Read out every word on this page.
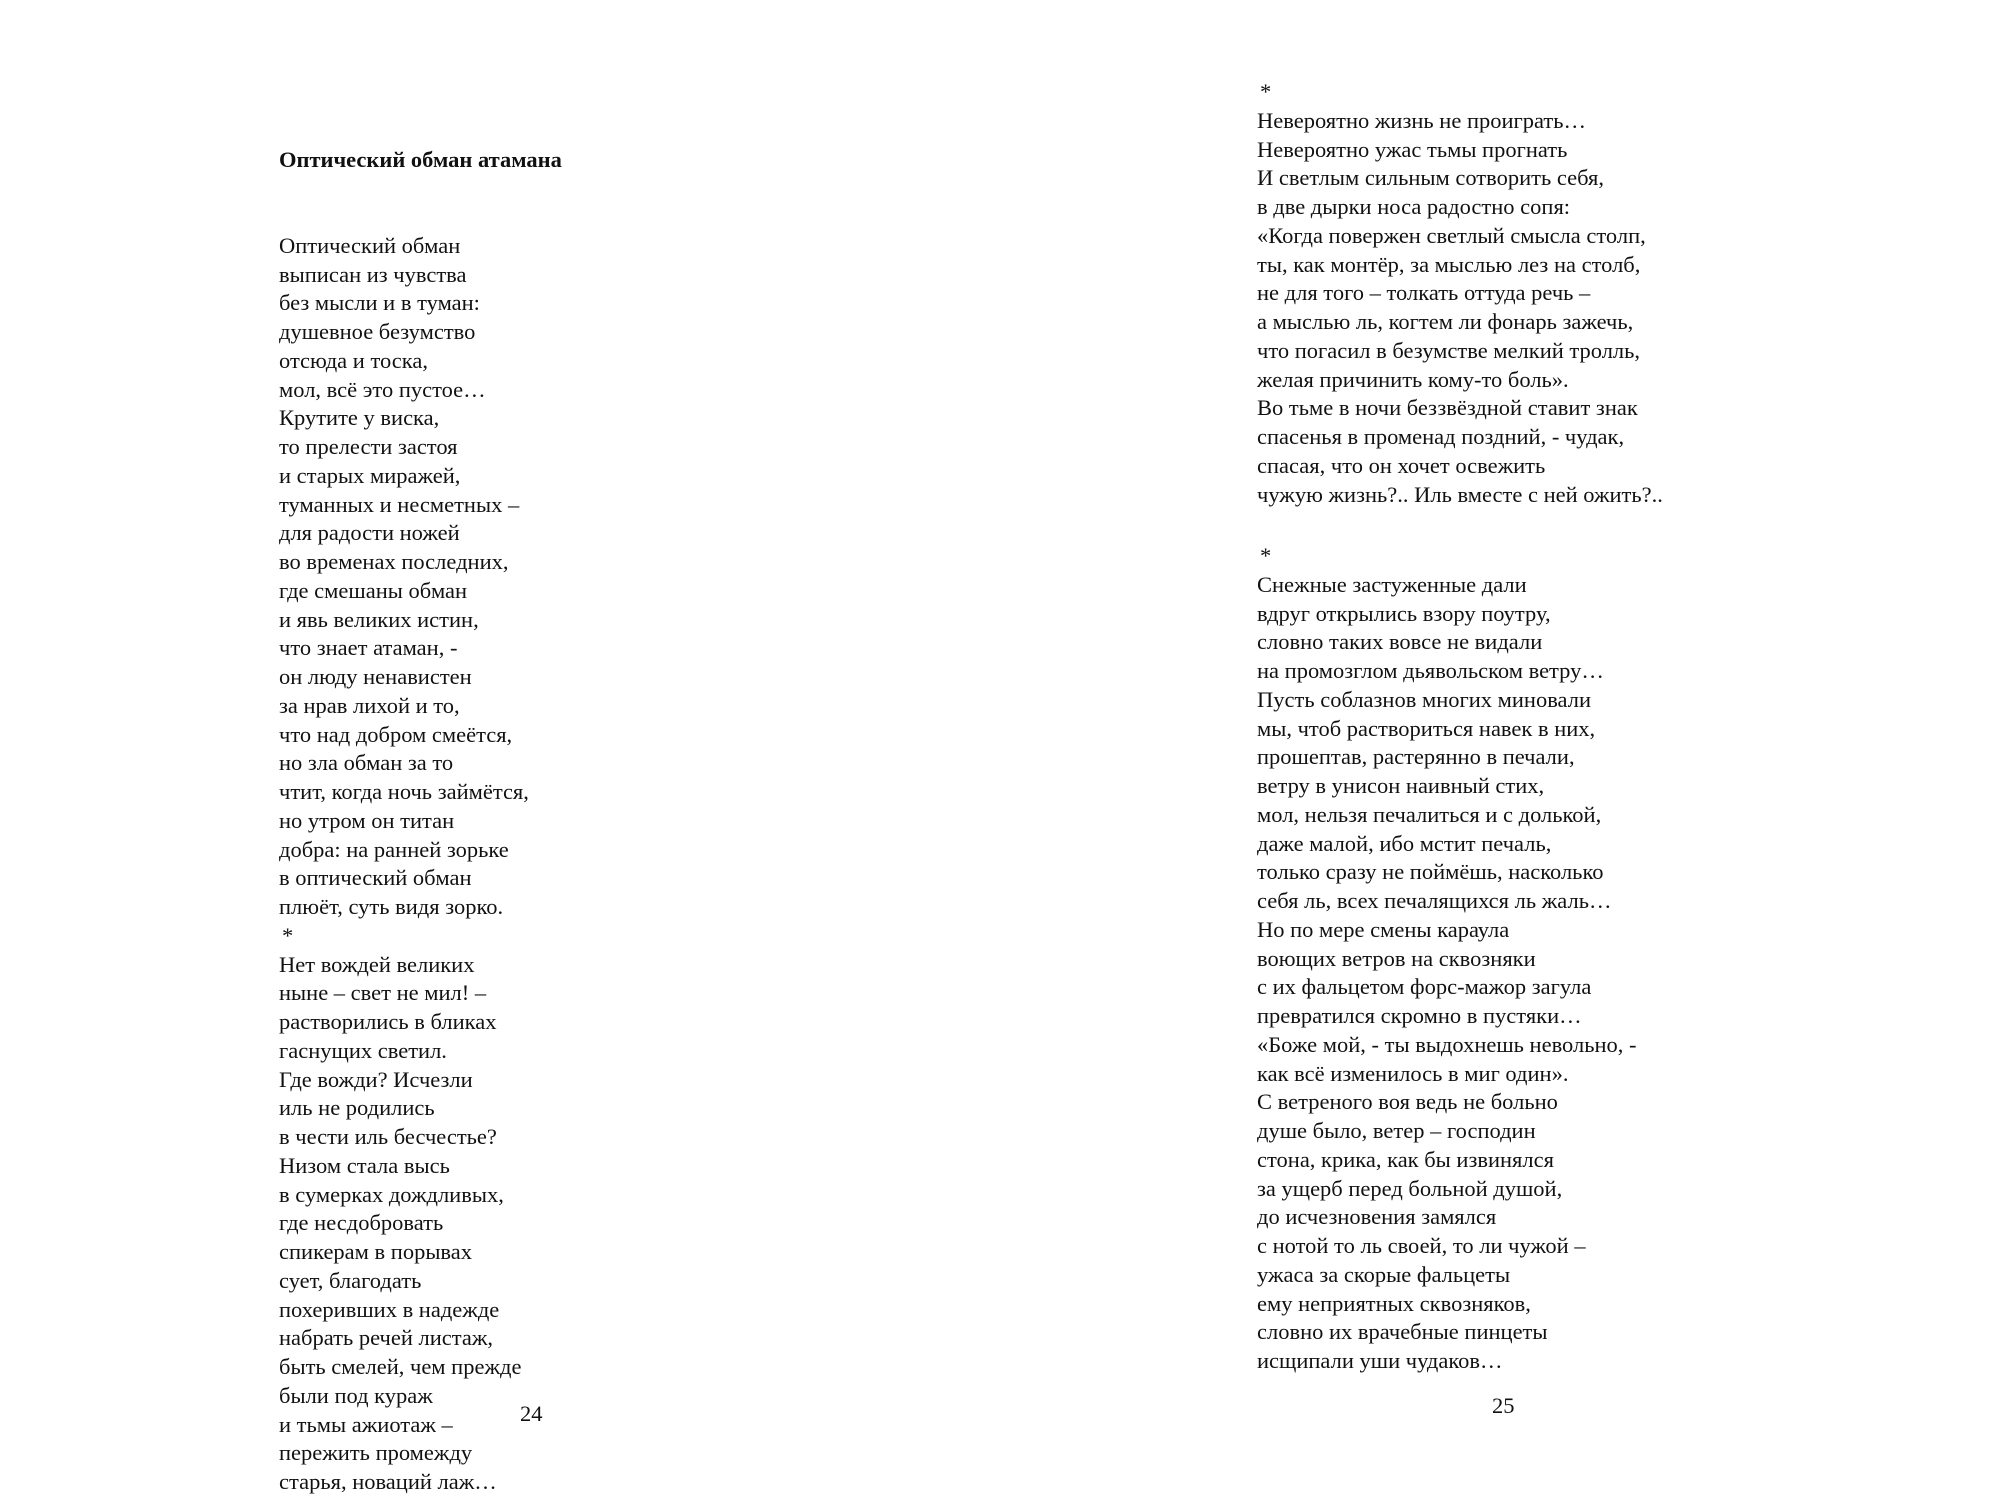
Оптический обман атамана

Оптический обман
выписан из чувства
без мысли и в туман:
душевное безумство
отсюда и тоска,
мол, всё это пустое…
Крутите у виска,
то прелести застоя
и старых миражей,
туманных и несметных –
для радости ножей
во временах последних,
где смешаны обман
и явь великих истин,
что знает атаман, -
он люду ненавистен
за нрав лихой и то,
что над добром смеётся,
но зла обман за то
чтит, когда ночь займётся,
но утром он титан
добра: на ранней зорьке
в оптический обман
плюёт, суть видя зорко.
*
Нет вождей великих
ныне – свет не мил! –
растворились в бликах
гаснущих светил.
Где вожди? Исчезли
иль не родились
в чести иль бесчестье?
Низом стала высь
в сумерках дождливых,
где несдобровать
спикерам в порывах
сует, благодать
похеривших в надежде
набрать речей листаж,
быть смелей, чем прежде
были под кураж
и тьмы ажиотаж –
пережить промежду
старья, новаций лаж…
24
*
Невероятно жизнь не проиграть…
Невероятно ужас тьмы прогнать
И светлым сильным сотворить себя,
в две дырки носа радостно сопя:
«Когда повержен светлый смысла столп,
ты, как монтёр, за мыслью лез на столб,
не для того – толкать оттуда речь –
а мыслью ль, когтем ли фонарь зажечь,
что погасил в безумстве мелкий тролль,
желая причинить кому-то боль».
Во тьме в ночи беззвёздной ставит знак
спасенья в променад поздний, - чудак,
спасая, что он хочет освежить
чужую жизнь?.. Иль вместе с ней ожить?..
*
Снежные застуженные дали
вдруг открылись взору поутру,
словно таких вовсе не видали
на промозглом дьявольском ветру…
Пусть соблазнов многих миновали
мы, чтоб раствориться навек в них,
прошептав, растерянно в печали,
ветру в унисон наивный стих,
мол, нельзя печалиться и с долькой,
даже малой, ибо мстит печаль,
только сразу не поймёшь, насколько
себя ль, всех печалящихся ль жаль…
Но по мере смены караула
воющих ветров на сквозняки
с их фальцетом форс-мажор загула
превратился скромно в пустяки…
«Боже мой, - ты выдохнешь невольно, -
как всё изменилось в миг один».
С ветреного воя ведь не больно
душе было, ветер – господин
стона, крика, как бы извинялся
за ущерб перед больной душой,
до исчезновения замялся
с нотой то ль своей, то ли чужой –
ужаса за скорые фальцеты
ему неприятных сквозняков,
словно их врачебные пинцеты
исщипали уши чудаков…
25
